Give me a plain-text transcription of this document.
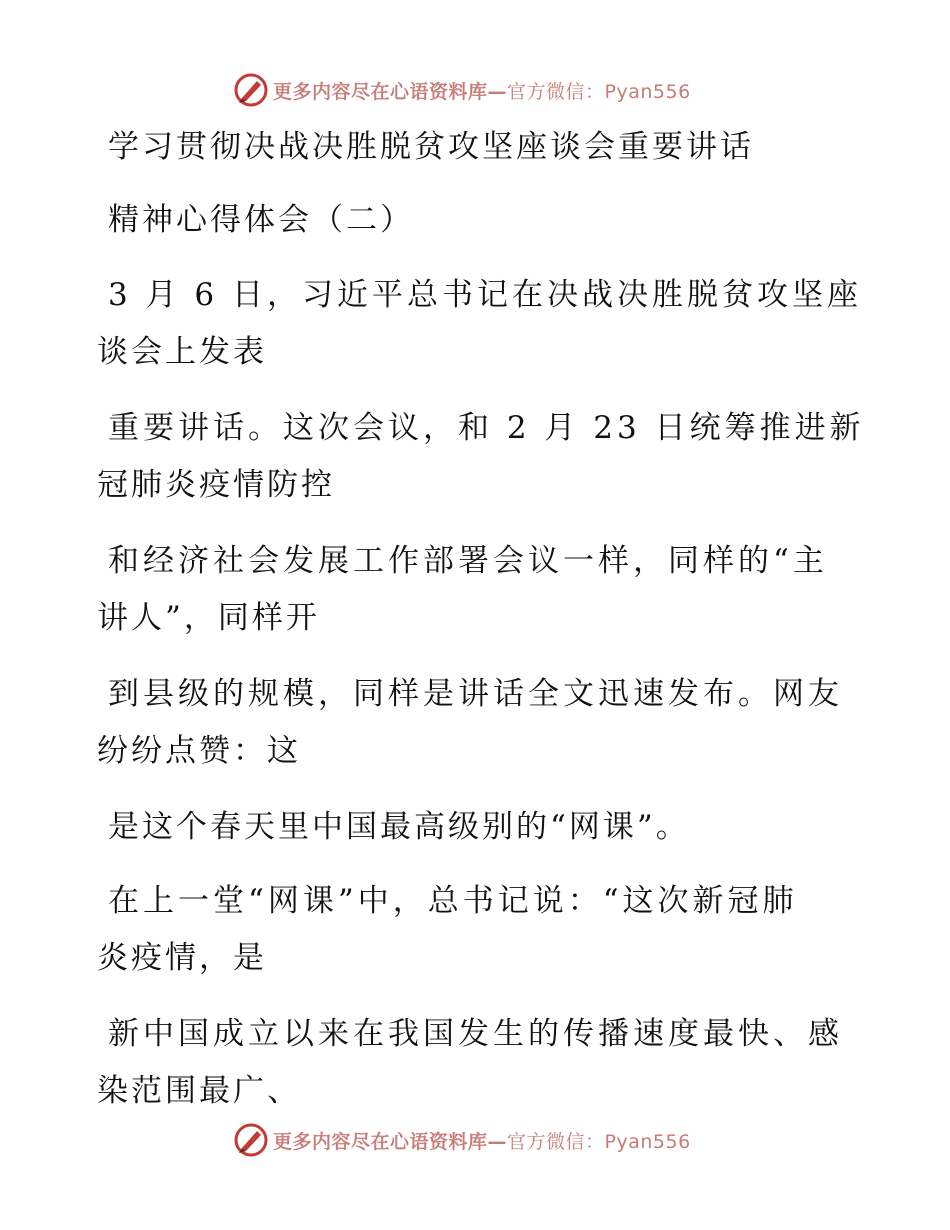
更多内容尽在心语资料库—官方微信：Pyan556
学习贯彻决战决胜脱贫攻坚座谈会重要讲话
精神心得体会（二）
3 月 6 日，习近平总书记在决战决胜脱贫攻坚座
谈会上发表
重要讲话。这次会议，和 2 月 23 日统筹推进新
冠肺炎疫情防控
和经济社会发展工作部署会议一样，同样的“主
讲人”，同样开
到县级的规模，同样是讲话全文迅速发布。网友
纷纷点赞：这
是这个春天里中国最高级别的“网课”。
在上一堂“网课”中，总书记说：“这次新冠肺
炎疫情，是
新中国成立以来在我国发生的传播速度最快、感
染范围最广、
更多内容尽在心语资料库—官方微信：Pyan556
